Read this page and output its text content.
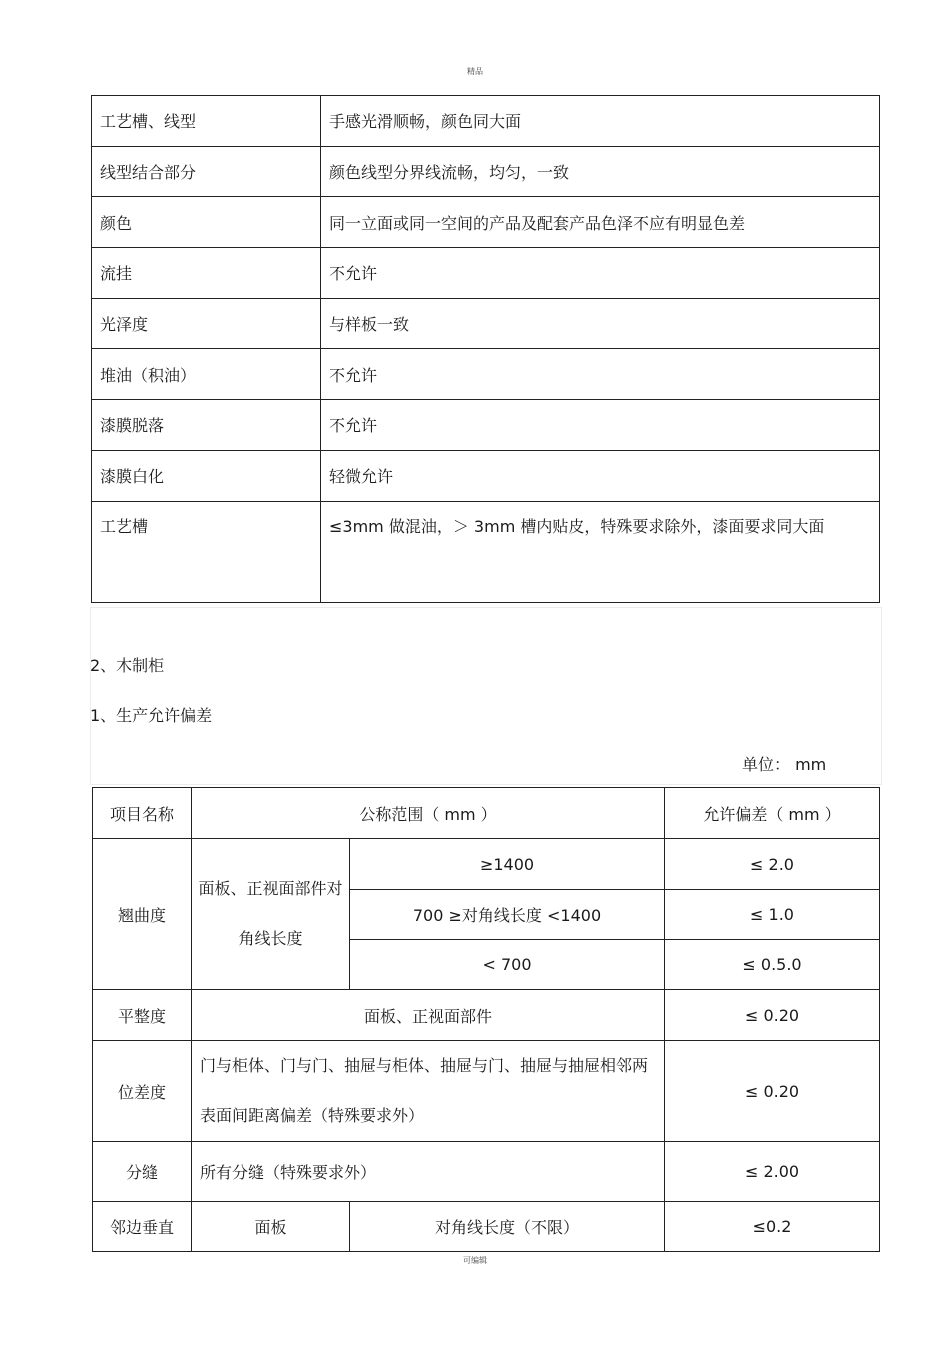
精品
工艺槽、线型	手感光滑顺畅，颜色同大面
线型结合部分	颜色线型分界线流畅，均匀，一致
颜色	同一立面或同一空间的产品及配套产品色泽不应有明显色差
流挂	不允许
光泽度	与样板一致
堆油（积油）	不允许
漆膜脱落	不允许
漆膜白化	轻微允许
工艺槽	≤3mm 做混油，＞ 3mm 槽内贴皮，特殊要求除外，漆面要求同大面
2、木制柜
1、生产允许偏差
单位： mm
项目名称	公称范围（ mm ）		允许偏差（ mm ）
翘曲度	面板、正视面部件对角线长度	≥1400	≤ 2.0
		700 ≥对角线长度 <1400	≤ 1.0
		< 700	≤ 0.5.0
平整度	面板、正视面部件		≤ 0.20
位差度	门与柜体、门与门、抽屉与柜体、抽屉与门、抽屉与抽屉相邻两表面间距离偏差（特殊要求外）		≤ 0.20
分缝	所有分缝（特殊要求外）		≤ 2.00
邻边垂直	面板	对角线长度（不限）	≤0.2
可编辑
